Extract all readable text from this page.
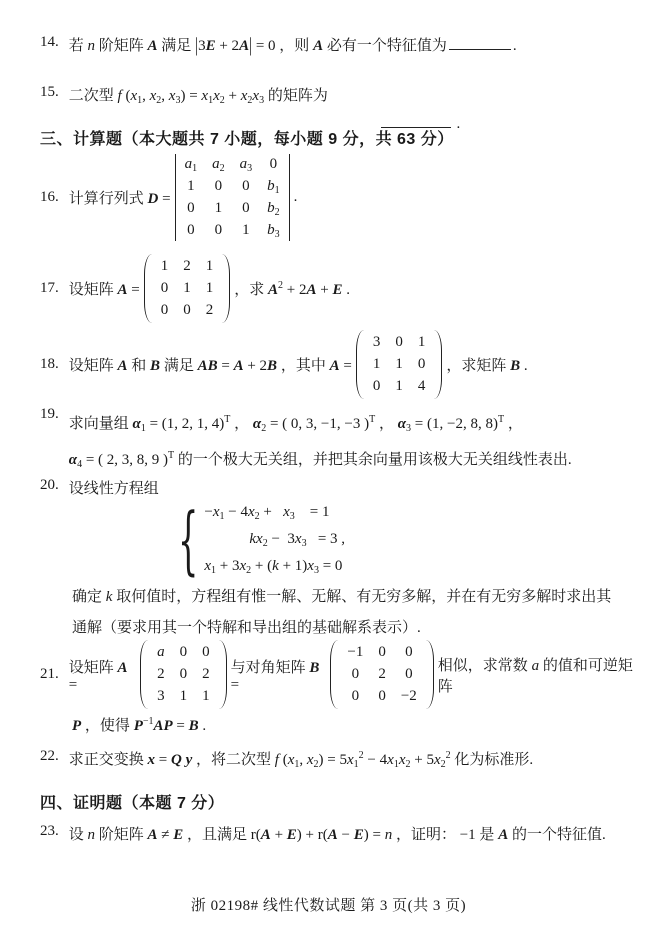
14. 若 n 阶矩阵 A 满足 |3E + 2A| = 0 ，则 A 必有一个特征值为	.
15. 二次型 f ($x_1$, $x_2$, $x_3) = x_1x_2 + x_2x_3$ 的矩阵为
.
三、计算题（本大题共 7 小题，每小题 9 分，共 63 分）
16. 计算行列式 D =
$a_1$ $a_2$ $a_3$ 0
1 0 0 $b_1$
0 1 0 $b_2$
0 0 1 $b_3$
.
17. 设矩阵 A =
1 2 1
0 1 1
0 0 2
，求 $A^2 + 2A + E$ .
18. 设矩阵 A 和 B 满足 AB = A + 2B ，其中 A =
3 0 1
1 1 0
0 1 4
，求矩阵 B .
19.
求向量组 $\alpha_1 = (1$, 2, 1, 4)$^T$ ， $\alpha_2$ = ( 0, 3, −1, −3 )$^T$ ， $\alpha_3 = (1$, −2, 8, 8)$^T$ ，
$\alpha_4$ = ( 2, 3, 8, 9 )$^T$ 的一个极大无关组，并把其余向量用该极大无关组线性表出.
20. 设线性方程组
{ $-x_1 - 4x_2 + x_3$    = 1
$kx_2 - 3x_3 = 3$ ,
$x_1 + 3x_2 + (k + 1)x_3 = 0$
确定 k 取何值时，方程组有惟一解、无解、有无穷多解，并在有无穷多解时求出其
通解（要求用其一个特解和导出组的基础解系表示）.
21. 设矩阵 A =
a 0 0
2 0 2
3 1 1
与对角矩阵 B =
−1 0 0
0 2 0
0 0 −2
相似，求常数 a 的值和可逆矩阵
P ，使得 $P^{-1}AP = B$ .
22. 求正交变换 x = Q y ，将二次型 f ($x_1$, $x_2) = 5x_1^2 - 4x_1x_2 + 5x_2^2$ 化为标准形.
四、证明题（本题 7 分）
23. 设 n 阶矩阵 A ≠ E ，且满足 r(A + E) + r(A − E) = n ，证明： −1 是 A 的一个特征值.
浙 02198# 线性代数试题 第 3 页(共 3 页)
